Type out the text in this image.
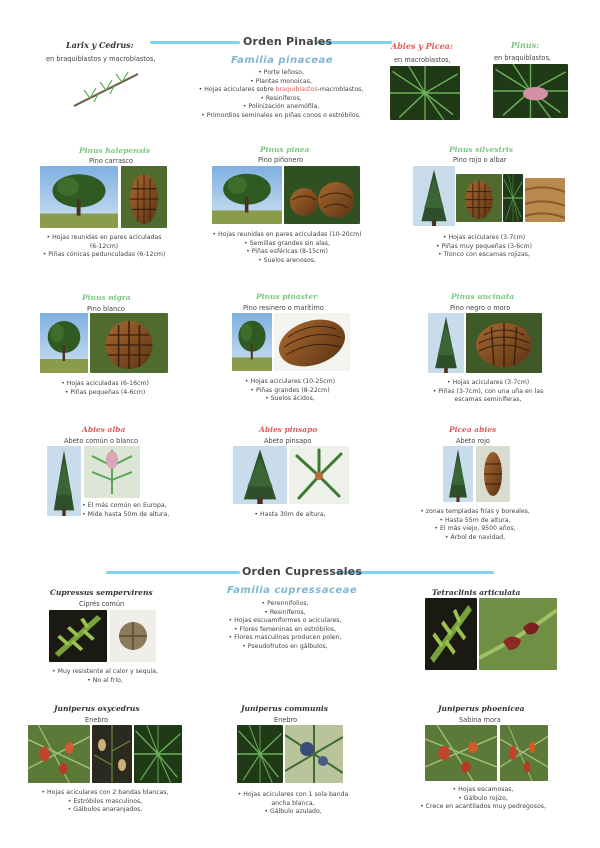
Orden Pinales
Familia pinaceae
• Porte leñoso,
• Plantas monoicas,
• Hojas aciculares sobre braquiblastos-macroblastos,
• Resiníferos,
• Polinización anemófila,
• Primordios seminales en piñas conos o estróbilos.
Larix y Cedrus:
en braquiblastos y macroblastos,
Abies y Picea:
en macroblastos,
Pinus:
en braquiblastos,
Pinus halepensis
Pino carrasco
• Hojas reunidas en pares aciculadas
(6-12cm)
• Piñas cónicas pedunculadas (6-12cm)
Pinus pinea
Pino piñonero
• Hojas reunidas en pares aciculadas (10-20cm)
• Semillas grandes sin alas,
• Piñas esféricas (8-15cm)
• Suelos arenosos,
Pinus silvestris
Pino rojo o albar
• Hojas aciculares (3-7cm)
• Piñas muy pequeñas (3-6cm)
• Tronco con escamas rojizas,
Pinus nigra
Pino blanco
• Hojas aciculadas (6-16cm)
• Piñas pequeñas (4-6cm)
Pinus pinaster
Pino resinero o marítimo
• Hojas aciculares (10-25cm)
• Piñas grandes (8-22cm)
• Suelos ácidos,
Pinus uncinata
Pino negro o moro
• Hojas aciculares (3-7cm)
• Piñas (3-7cm), con una uña en las
escamas seminíferas,
Abies alba
Abeto común o blanco
• El más común en Europa,
• Mide hasta 50m de altura,
Abies pinsapo
Abeto pinsapo
• Hasta 30m de altura,
Picea abies
Abeto rojo
• zonas templadas frías y boreales,
• Hasta 55m de altura,
• El más viejo, 9500 años,
• Árbol de navidad,
Orden Cupressales
Familia cupressaceae
• Perennifolios,
• Resiníferos,
• Hojas escuamiformes o aciculares,
• Flores femeninas en estróbilos,
• Flores masculinas producen polen,
• Pseudofrutos en gálbulos,
Cupressus sempervirens
Ciprés común
• Muy resistente al calor y sequía,
• No al frío,
Tetraclinis articulata
Juniperus oxycedrus
Enebro
• Hojas aciculares con 2 bandas blancas,
• Estróbilos masculinos,
• Gálbulos anaranjados,
Juniperus communis
Enebro
• Hojas aciculares con 1 sola banda
ancha blanca,
• Gálbulo azulado,
Juniperus phoenicea
Sabina mora
• Hojas escamosas,
• Gálbulo rojizo,
• Crece en acantilados muy pedregosos,
